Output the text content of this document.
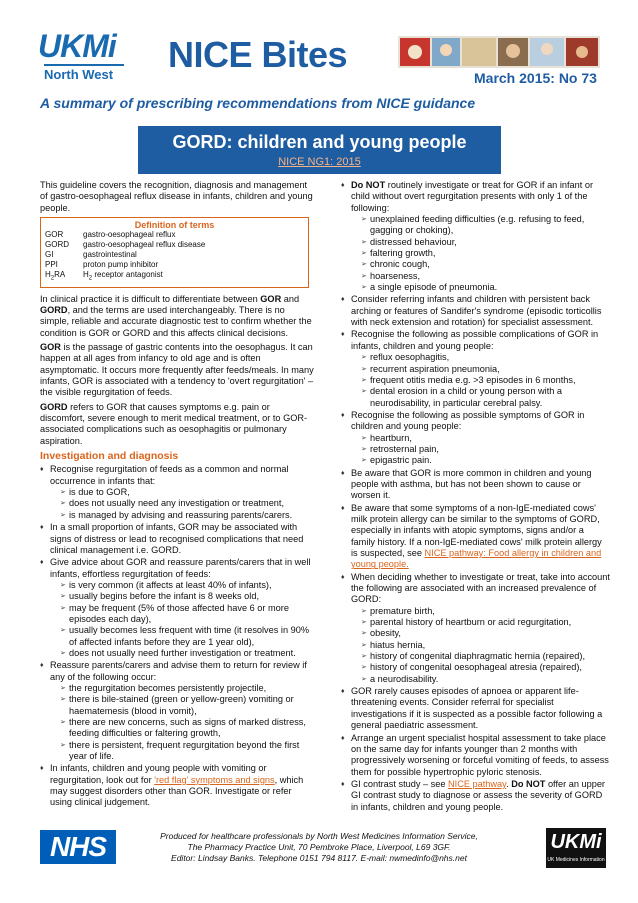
UKMi
North West	NICE Bites
March 2015: No 73
A summary of prescribing recommendations from NICE guidance
GORD: children and young people
NICE NG1: 2015

This guideline covers the recognition, diagnosis and management of gastro-oesophageal reflux disease in infants, children and young people.

Definition of terms
GOR	gastro-oesophageal reflux
GORD	gastro-oesophageal reflux disease
GI	gastrointestinal
PPI	proton pump inhibitor
$H_2RA$	$H_2$ receptor antagonist

In clinical practice it is difficult to differentiate between GOR and GORD, and the terms are used interchangeably. There is no simple, reliable and accurate diagnostic test to confirm whether the condition is GOR or GORD and this affects clinical decisions.

GOR is the passage of gastric contents into the oesophagus. It can happen at all ages from infancy to old age and is often asymptomatic. It occurs more frequently after feeds/meals. In many infants, GOR is associated with a tendency to 'overt regurgitation' – the visible regurgitation of feeds.

GORD refers to GOR that causes symptoms e.g. pain or discomfort, severe enough to merit medical treatment, or to GOR-associated complications such as oesophagitis or pulmonary aspiration.

Investigation and diagnosis
♦ Recognise regurgitation of feeds as a common and normal occurrence in infants that:
➢ is due to GOR,
➢ does not usually need any investigation or treatment,
➢ is managed by advising and reassuring parents/carers.
♦ In a small proportion of infants, GOR may be associated with signs of distress or lead to recognised complications that need clinical management i.e. GORD.
♦ Give advice about GOR and reassure parents/carers that in well infants, effortless regurgitation of feeds:
➢ is very common (it affects at least 40% of infants),
➢ usually begins before the infant is 8 weeks old,
➢ may be frequent (5% of those affected have 6 or more episodes each day),
➢ usually becomes less frequent with time (it resolves in 90% of affected infants before they are 1 year old),
➢ does not usually need further investigation or treatment.
♦ Reassure parents/carers and advise them to return for review if any of the following occur:
➢ the regurgitation becomes persistently projectile,
➢ there is bile-stained (green or yellow-green) vomiting or haematemesis (blood in vomit),
➢ there are new concerns, such as signs of marked distress, feeding difficulties or faltering growth,
➢ there is persistent, frequent regurgitation beyond the first year of life.
♦ In infants, children and young people with vomiting or regurgitation, look out for 'red flag' symptoms and signs, which may suggest disorders other than GOR. Investigate or refer using clinical judgement.
♦ Do NOT routinely investigate or treat for GOR if an infant or child without overt regurgitation presents with only 1 of the following:
➢ unexplained feeding difficulties (e.g. refusing to feed, gagging or choking),
➢ distressed behaviour,
➢ faltering growth,
➢ chronic cough,
➢ hoarseness,
➢ a single episode of pneumonia.
♦ Consider referring infants and children with persistent back arching or features of Sandifer's syndrome (episodic torticollis with neck extension and rotation) for specialist assessment.
♦ Recognise the following as possible complications of GOR in infants, children and young people:
➢ reflux oesophagitis,
➢ recurrent aspiration pneumonia,
➢ frequent otitis media e.g. >3 episodes in 6 months,
➢ dental erosion in a child or young person with a neurodisability, in particular cerebral palsy.
♦ Recognise the following as possible symptoms of GOR in children and young people:
➢ heartburn,
➢ retrosternal pain,
➢ epigastric pain.
♦ Be aware that GOR is more common in children and young people with asthma, but has not been shown to cause or worsen it.
♦ Be aware that some symptoms of a non-IgE-mediated cows' milk protein allergy can be similar to the symptoms of GORD, especially in infants with atopic symptoms, signs and/or a family history. If a non-IgE-mediated cows' milk protein allergy is suspected, see NICE pathway: Food allergy in children and young people.
♦ When deciding whether to investigate or treat, take into account the following are associated with an increased prevalence of GORD:
➢ premature birth,
➢ parental history of heartburn or acid regurgitation,
➢ obesity,
➢ hiatus hernia,
➢ history of congenital diaphragmatic hernia (repaired),
➢ history of congenital oesophageal atresia (repaired),
➢ a neurodisability.
♦ GOR rarely causes episodes of apnoea or apparent life-threatening events. Consider referral for specialist investigations if it is suspected as a possible factor following a general paediatric assessment.
♦ Arrange an urgent specialist hospital assessment to take place on the same day for infants younger than 2 months with progressively worsening or forceful vomiting of feeds, to assess them for possible hypertrophic pyloric stenosis.
♦ GI contrast study – see NICE pathway. Do NOT offer an upper GI contrast study to diagnose or assess the severity of GORD in infants, children and young people.
NHS	Produced for healthcare professionals by North West Medicines Information Service,
The Pharmacy Practice Unit, 70 Pembroke Place, Liverpool, L69 3GF.
Editor: Lindsay Banks. Telephone 0151 794 8117. E-mail: nwmedinfo@nhs.net
UKMi
UK Medicines Information
